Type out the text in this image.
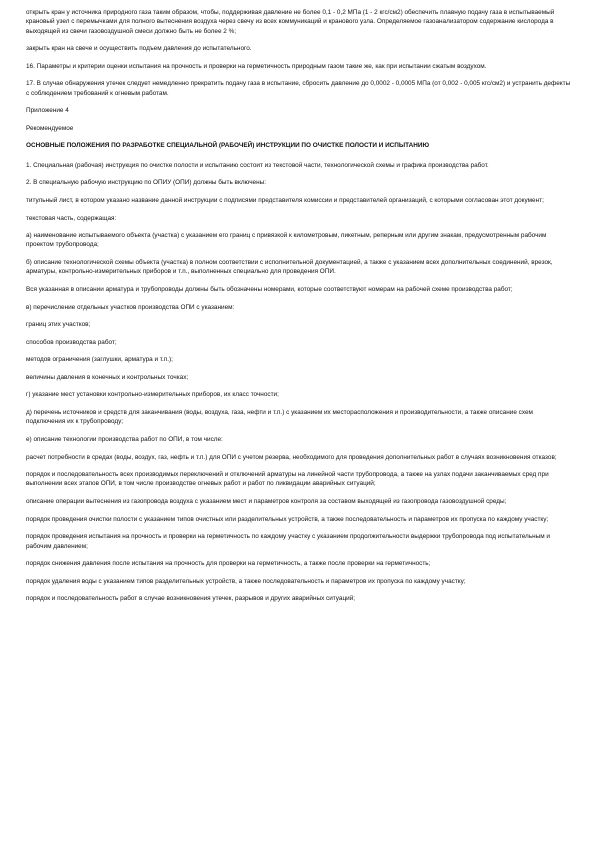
открыть кран у источника природного газа таким образом, чтобы, поддерживая давление не более 0,1 - 0,2 МПа (1 - 2 кгс/см2) обеспечить плавную подачу газа в испытываемый крановый узел с перемычками для полного вытеснения воздуха через свечу из всех коммуникаций и кранового узла. Определяемое газоанализатором содержание кислорода в выходящей из свечи газовоздушной смеси должно быть не более 2 %;

закрыть кран на свече и осуществить подъем давления до испытательного.

16. Параметры и критерии оценки испытания на прочность и проверки на герметичность природным газом такие же, как при испытании сжатым воздухом.

17. В случае обнаружения утечек следует немедленно прекратить подачу газа в испытание, сбросить давление до 0,0002 - 0,0005 МПа (от 0,002 - 0,005 кгс/см2) и устранить дефекты с соблюдением требований к огневым работам.

Приложение 4

Рекомендуемое

ОСНОВНЫЕ ПОЛОЖЕНИЯ ПО РАЗРАБОТКЕ СПЕЦИАЛЬНОЙ (РАБОЧЕЙ) ИНСТРУКЦИИ ПО ОЧИСТКЕ ПОЛОСТИ И ИСПЫТАНИЮ

1. Специальная (рабочая) инструкция по очистке полости и испытанию состоит из текстовой части, технологической схемы и графика производства работ.

2. В специальную рабочую инструкцию по ОПИУ (ОПИ) должны быть включены:

титульный лист, в котором указано название данной инструкции с подписями представителя комиссии и представителей организаций, с которыми согласован этот документ;

текстовая часть, содержащая:

а) наименование испытываемого объекта (участка) с указанием его границ с привязкой к километровым, пикетным, реперным или другим знакам, предусмотренным рабочим проектом трубопровода;

б) описание технологической схемы объекта (участка) в полном соответствии с исполнительной документацией, а также с указанием всех дополнительных соединений, врезок, арматуры, контрольно-измерительных приборов и т.п., выполненных специально для проведения ОПИ.

Вся указанная в описании арматура и трубопроводы должны быть обозначены номерами, которые соответствуют номерам на рабочей схеме производства работ;

в) перечисление отдельных участков производства ОПИ с указанием:

границ этих участков;

способов производства работ;

методов ограничения (заглушки, арматура и т.п.);

величины давления в конечных и контрольных точках;

г) указание мест установки контрольно-измерительных приборов, их класс точности;

д) перечень источников и средств для заканчивания (воды, воздуха, газа, нефти и т.п.) с указанием их месторасположения и производительности, а также описание схем подключения их к трубопроводу;

е) описание технологии производства работ по ОПИ, в том числе:

расчет потребности в средах (воды, воздух, газ, нефть и т.п.) для ОПИ с учетом резерва, необходимого для проведения дополнительных работ в случаях возникновения отказов;

порядок и последовательность всех производимых переключений и отключений арматуры на линейной части трубопровода, а также на узлах подачи заканчиваемых сред при выполнении всех этапов ОПИ, в том числе производстве огневых работ и работ по ликвидации аварийных ситуаций;

описание операции вытеснения из газопровода воздуха с указанием мест и параметров контроля за составом выходящей из газопровода газовоздушной среды;

порядок проведения очистки полости с указанием типов очистных или разделительных устройств, а также последовательность и параметров их пропуска по каждому участку;

порядок проведения испытания на прочность и проверки на герметичность по каждому участку с указанием продолжительности выдержки трубопровода под испытательным и рабочим давлением;

порядок снижения давления после испытания на прочность для проверки на герметичность, а также после проверки на герметичность;

порядок удаления воды с указанием типов разделительных устройств, а также последовательность и параметров их пропуска по каждому участку;

порядок и последовательность работ в случае возникновения утечек, разрывов и других аварийных ситуаций;
